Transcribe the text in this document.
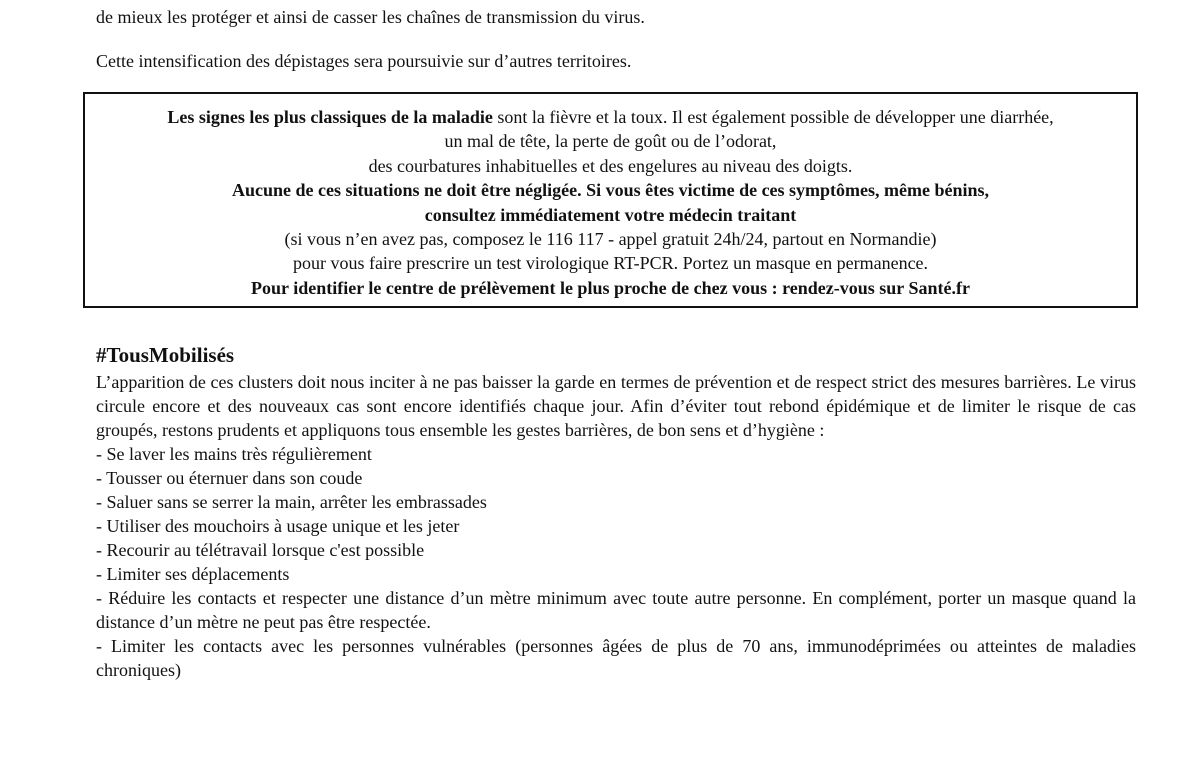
de mieux les protéger et ainsi de casser les chaînes de transmission du virus.

Cette intensification des dépistages sera poursuivie sur d’autres territoires.

Les signes les plus classiques de la maladie sont la fièvre et la toux. Il est également possible de développer une diarrhée,

un mal de tête, la perte de goût ou de l’odorat,

des courbatures inhabituelles et des engelures au niveau des doigts.

Aucune de ces situations ne doit être négligée. Si vous êtes victime de ces symptômes, même bénins,

consultez immédiatement votre médecin traitant

(si vous n’en avez pas, composez le 116 117 - appel gratuit 24h/24, partout en Normandie)

pour vous faire prescrire un test virologique RT-PCR. Portez un masque en permanence.

Pour identifier le centre de prélèvement le plus proche de chez vous : rendez-vous sur Santé.fr

#TousMobilisés

L’apparition de ces clusters doit nous inciter à ne pas baisser la garde en termes de prévention et de respect strict des mesures barrières. Le virus circule encore et des nouveaux cas sont encore identifiés chaque jour. Afin d’éviter tout rebond épidémique et de limiter le risque de cas groupés, restons prudents et appliquons tous ensemble les gestes barrières, de bon sens et d’hygiène :

- Se laver les mains très régulièrement
- Tousser ou éternuer dans son coude
- Saluer sans se serrer la main, arrêter les embrassades
- Utiliser des mouchoirs à usage unique et les jeter
- Recourir au télétravail lorsque c'est possible
- Limiter ses déplacements
- Réduire les contacts et respecter une distance d’un mètre minimum avec toute autre personne. En complément, porter un masque quand la distance d’un mètre ne peut pas être respectée.
- Limiter les contacts avec les personnes vulnérables (personnes âgées de plus de 70 ans, immunodéprimées ou atteintes de maladies chroniques)
